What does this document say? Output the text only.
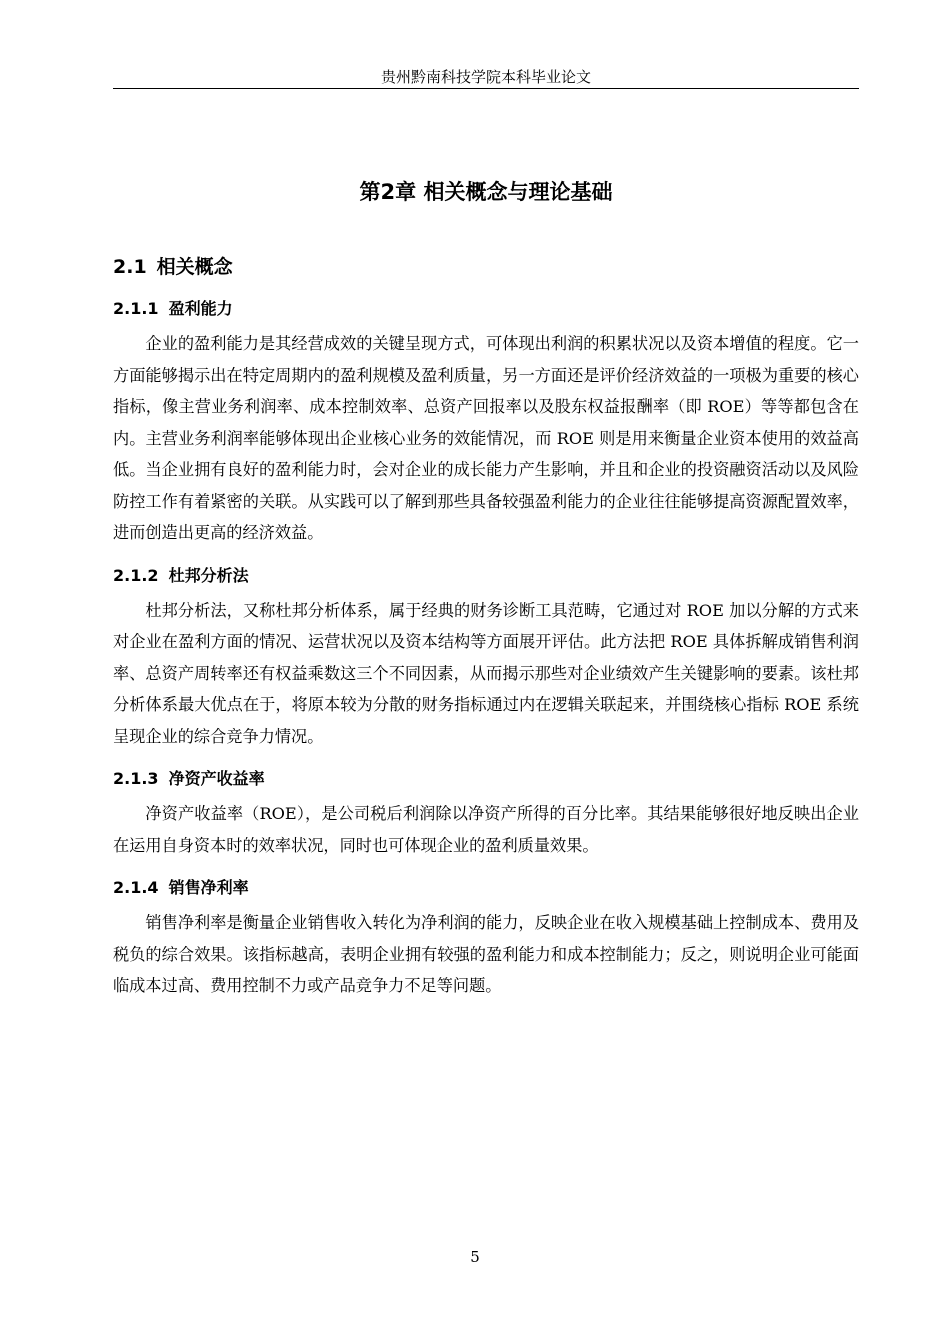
贵州黔南科技学院本科毕业论文
第2章 相关概念与理论基础
2.1 相关概念
2.1.1 盈利能力

企业的盈利能力是其经营成效的关键呈现方式，可体现出利润的积累状况以及资本增值的程度。它一方面能够揭示出在特定周期内的盈利规模及盈利质量，另一方面还是评价经济效益的一项极为重要的核心指标，像主营业务利润率、成本控制效率、总资产回报率以及股东权益报酬率（即 ROE）等等都包含在内。主营业务利润率能够体现出企业核心业务的效能情况，而 ROE 则是用来衡量企业资本使用的效益高低。当企业拥有良好的盈利能力时，会对企业的成长能力产生影响，并且和企业的投资融资活动以及风险防控工作有着紧密的关联。从实践可以了解到那些具备较强盈利能力的企业往往能够提高资源配置效率，进而创造出更高的经济效益。

2.1.2 杜邦分析法

杜邦分析法，又称杜邦分析体系，属于经典的财务诊断工具范畴，它通过对 ROE 加以分解的方式来对企业在盈利方面的情况、运营状况以及资本结构等方面展开评估。此方法把 ROE 具体拆解成销售利润率、总资产周转率还有权益乘数这三个不同因素，从而揭示那些对企业绩效产生关键影响的要素。该杜邦分析体系最大优点在于，将原本较为分散的财务指标通过内在逻辑关联起来，并围绕核心指标 ROE 系统呈现企业的综合竞争力情况。

2.1.3 净资产收益率

净资产收益率（ROE），是公司税后利润除以净资产所得的百分比率。其结果能够很好地反映出企业在运用自身资本时的效率状况，同时也可体现企业的盈利质量效果。

2.1.4 销售净利率

销售净利率是衡量企业销售收入转化为净利润的能力，反映企业在收入规模基础上控制成本、费用及税负的综合效果。该指标越高，表明企业拥有较强的盈利能力和成本控制能力；反之，则说明企业可能面临成本过高、费用控制不力或产品竞争力不足等问题。

5
